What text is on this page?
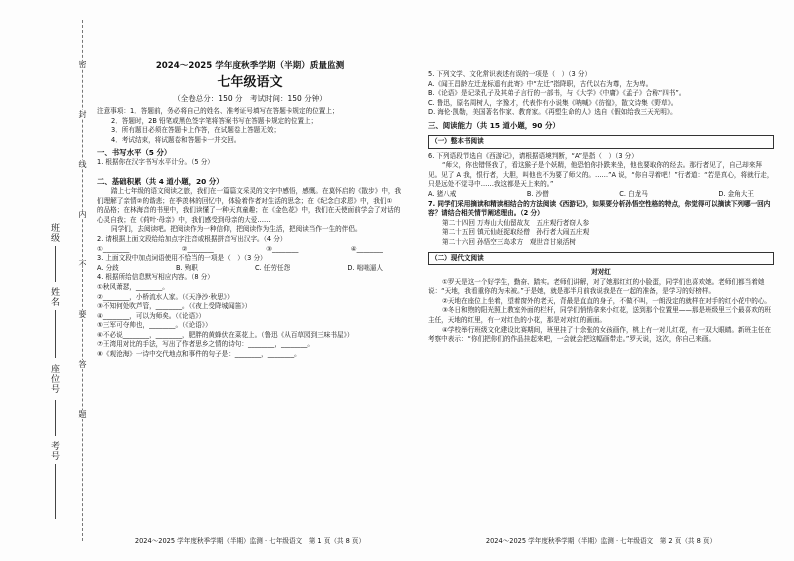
考号
座位号
姓名
班级
密
封
线
内
不
要
答
题
2024～2025 学年度秋季学期（半期）质量监测
七年级语文
（全卷总分：150 分　考试时间：150 分钟）

注意事项：1．答题前，务必将自己的姓名、准考证号填写在答题卡规定的位置上；

2．答题时，2B 铅笔或黑色签字笔将答案书写在答题卡规定的位置上；

3．所有题目必须在答题卡上作答，在试题卷上答题无效；

4．考试结束，将试题卷和答题卡一并交回。

一、书写水平（5 分）

1. 根据你在汉字书写水平计分。（5 分）

二、基础积累（共 4 道小题，20 分）

踏上七年级的语文阅读之旅，我们在一篇篇文采灵的文字中感悟，感慨。在莫怀启的《散步》中，我们理解了亲情②的谐悲；在季羡林的回忆中，体验着作者对生活的思念；在《纪念白求恩》中，我们①　　　　　的品格；在林海音的书里中，我们读懂了一种天真童趣；在《金色花》中，我们在天使面前学会了对话的心灵自我；在《荷叶·母亲》中，我们感受到母亲的大爱……

同学们，去阅读吧。把阅读作为一种信仰，把阅读作为生活，把阅读当作一生的伴侣。

2. 请根据上面文段给给加点字注音或根据拼音写出汉字。（4 分）

①________	②________	③________	④________

3. 上面文段中加点词语使用不恰当的一项是（　）（3 分）

A. 分歧	B. 殉职	C. 任劳任怨	D. 咄咄逼人

4. 根据所给信息默写相应内容。（8 分）

①秋风萧瑟，________。

②________，小桥流水人家。（《天净沙·秋思》）

③不知何处吹芦管，________。（《夜上受降城闻笛》）

④________，可以为师矣。（《论语》）

⑤三军可夺帅也，________。（《论语》）

⑥不必说________，________，肥胖的黄蜂伏在菜花上。（鲁迅《从百草园到三味书屋》）

⑦王湾用对比的手法，写出了作者思乡之情的诗句：________，________。

⑧《观沧海》一诗中交代地点和事件的句子是：________，________。

2024～2025 学年度秋季学期（半期）监测 · 七年级语文　第 1 页（共 8 页）

5. 下列文学、文化常识表述有误的一项是（　）（3 分）

A.《闻王昌龄左迁龙标遥有此寄》中“左迁”指降职，古代以右为尊，左为卑。

B.《论语》是记录孔子及其弟子言行的一部书，与《大学》《中庸》《孟子》合称“四书”。

C. 鲁迅，原名周树人，字豫才，代表作有小说集《呐喊》《彷徨》，散文诗集《野草》。

D. 海伦·凯勒，美国著名作家、教育家。《再塑生命的人》选自《假如给我三天光明》。

三、阅读能力（共 15 道小题，90 分）
（一）整本书阅读

6. 下列语段节选自《西游记》，请根据语境判断，“A”是指（　）（3 分）

“师父，你也错怪我了，看这猴子是个妖精，他恐怕你扑跌来坐，他也要取你的经去。那行者见了，自己却来拜见。见了 A 我，恨行者，大胆，叫他也不为要了师父的。……”A 说，“你自寻着吧！”行者道：“若是真心，将就行走，只是远处不觉寻中……我这都是天上来的。”

A. 猪八戒	B. 沙僧	C. 白龙马	D. 金角大王

7. 同学们采用摘读和精读相结合的方法阅读《西游记》，如果要分析孙悟空性格的特点，你觉得可以摘读下列哪一回内容？请结合相关情节阐述理由。（2 分）

第二十四回 万寿山大仙留故友　五庄观行者窃人参

第二十五回 镇元仙赶捉取经僧　孙行者大闹五庄观

第二十六回 孙悟空三岛求方　观世音甘泉活树

（二）现代文阅读
对对红

①罗天是这一个好学生，勤奋、踏实。老师们讲解，对了她那红红的小脸蛋，同学们也喜欢她。老师们都当着她说：“天地，我看重你的为未被。”于是她，就是那半月前我说我是在一起的准备，是学习的好榜样。

②天地在座位上坐着，望着窗外的老天，背最是直直的身子，不做不叫，一朗没定的就样在对手的红小花中的心。

③冬日和煦的阳光照上教室外面的栏杆，同学们悄悄拿来小红花，送到那个位置里——那是班级里三个最喜欢的班主任，天地的红里，有一对红色的小花，那是对对红的画面。

④学校举行班级文化建设比赛期间，班里挂了十余张的女孩画作，桃上有一对儿红花，有一双大眼睛。新班主任在考察中表示：“你们把你们的作品挂起来吧，一会就会把这幅画带走。”罗天说，这次，你自己来画。

2024～2025 学年度秋季学期（半期）监测 · 七年级语文　第 2 页（共 8 页）
